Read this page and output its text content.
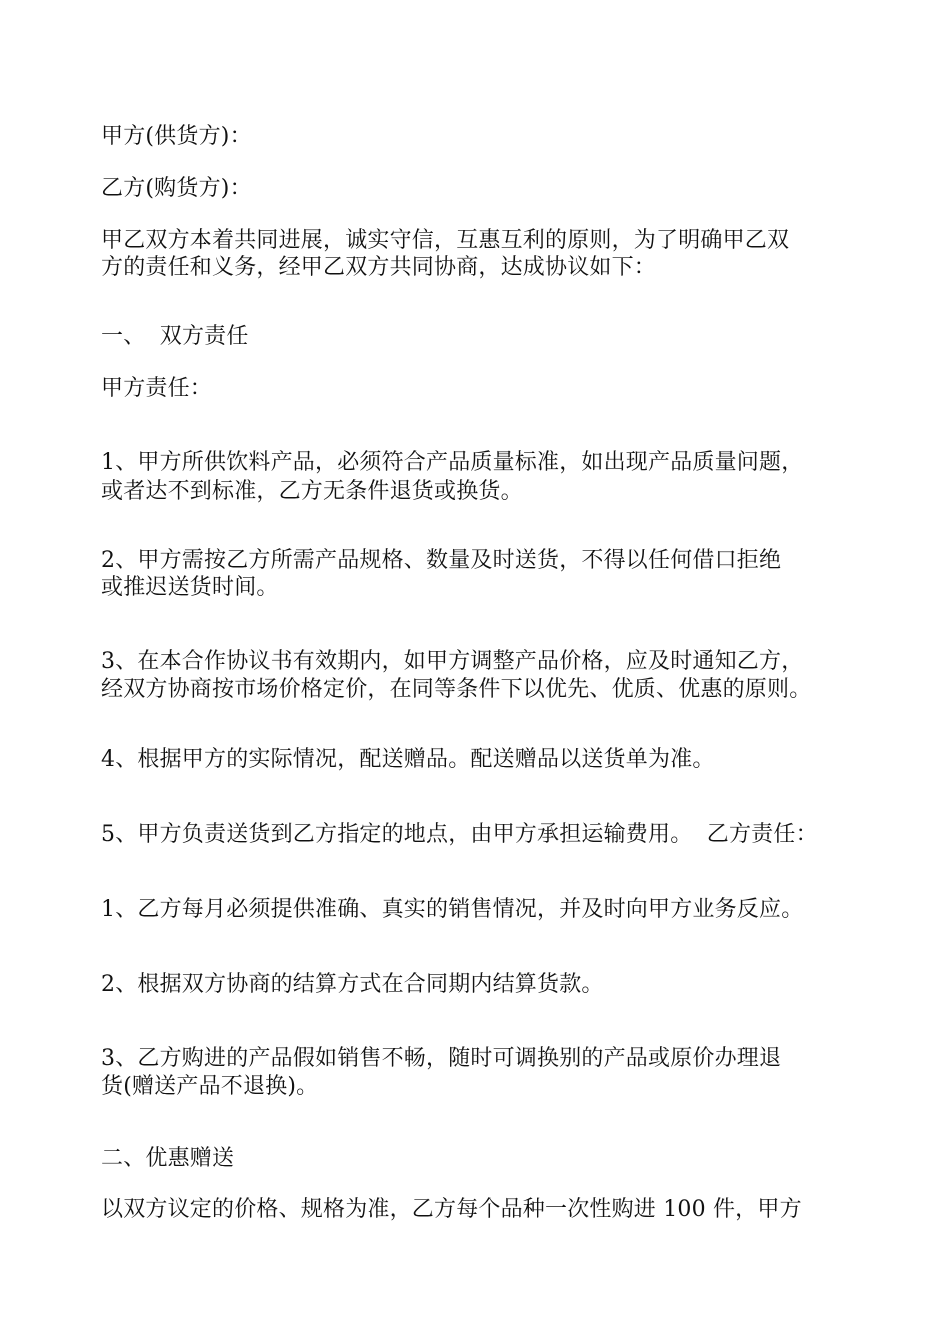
甲方(供货方)：

乙方(购货方)：

甲乙双方本着共同进展，诚实守信，互惠互利的原则，为了明确甲乙双

方的责任和义务，经甲乙双方共同协商，达成协议如下：

一、  双方责任

甲方责任：

1、甲方所供饮料产品，必须符合产品质量标准，如出现产品质量问题，

或者达不到标准，乙方无条件退货或换货。

2、甲方需按乙方所需产品规格、数量及时送货，不得以任何借口拒绝

或推迟送货时间。

3、在本合作协议书有效期内，如甲方调整产品价格，应及时通知乙方，

经双方协商按市场价格定价，在同等条件下以优先、优质、优惠的原则。

4、根据甲方的实际情况，配送赠品。配送赠品以送货单为准。

5、甲方负责送货到乙方指定的地点，由甲方承担运输费用。  乙方责任：

1、乙方每月必须提供准确、真实的销售情况，并及时向甲方业务反应。

2、根据双方协商的结算方式在合同期内结算货款。

3、乙方购进的产品假如销售不畅，随时可调换别的产品或原价办理退

货(赠送产品不退换)。

二、优惠赠送

以双方议定的价格、规格为准，乙方每个品种一次性购进 100 件，甲方
